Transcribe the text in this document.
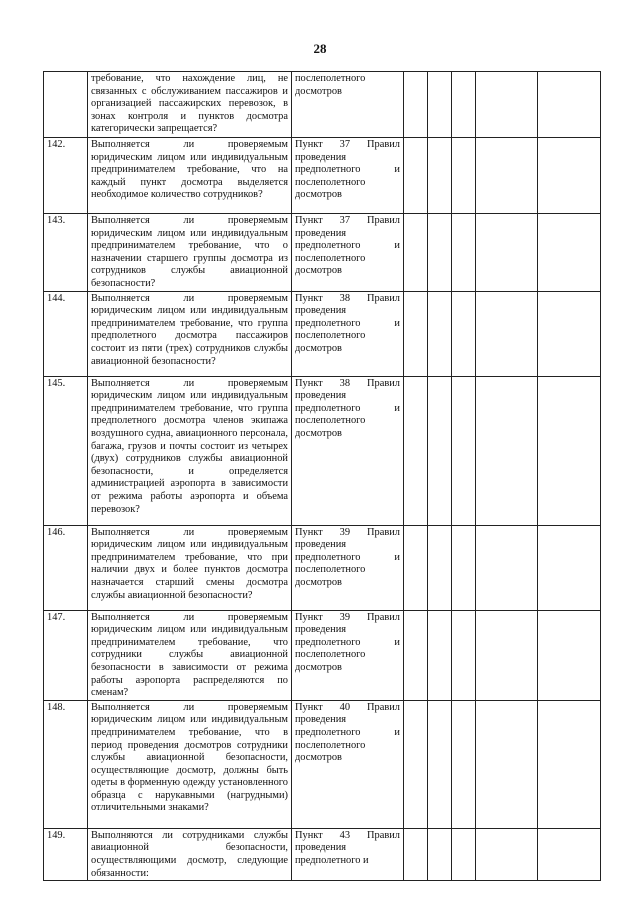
28
	требование, что нахождение лиц, не связанных с обслуживанием пассажиров и организацией пассажирских перевозок, в зонах контроля и пунктов досмотра категорически запрещается?	послеполетного досмотров					
142.	Выполняется ли проверяемым юридическим лицом или индивидуальным предпринимателем требование, что на каждый пункт досмотра выделяется необходимое количество сотрудников?	Пункт 37 Правил проведения предполетного и послеполетного досмотров					
143.	Выполняется ли проверяемым юридическим лицом или индивидуальным предпринимателем требование, что о назначении старшего группы досмотра из сотрудников службы авиационной безопасности?	Пункт 37 Правил проведения предполетного и послеполетного досмотров					
144.	Выполняется ли проверяемым юридическим лицом или индивидуальным предпринимателем требование, что группа предполетного досмотра пассажиров состоит из пяти (трех) сотрудников службы авиационной безопасности?	Пункт 38 Правил проведения предполетного и послеполетного досмотров					
145.	Выполняется ли проверяемым юридическим лицом или индивидуальным предпринимателем требование, что группа предполетного досмотра членов экипажа воздушного судна, авиационного персонала, багажа, грузов и почты состоит из четырех (двух) сотрудников службы авиационной безопасности, и определяется администрацией аэропорта в зависимости от режима работы аэропорта и объема перевозок?	Пункт 38 Правил проведения предполетного и послеполетного досмотров					
146.	Выполняется ли проверяемым юридическим лицом или индивидуальным предпринимателем требование, что при наличии двух и более пунктов досмотра назначается старший смены досмотра службы авиационной безопасности?	Пункт 39 Правил проведения предполетного и послеполетного досмотров					
147.	Выполняется ли проверяемым юридическим лицом или индивидуальным предпринимателем требование, что сотрудники службы авиационной безопасности в зависимости от режима работы аэропорта распределяются по сменам?	Пункт 39 Правил проведения предполетного и послеполетного досмотров					
148.	Выполняется ли проверяемым юридическим лицом или индивидуальным предпринимателем требование, что в период проведения досмотров сотрудники службы авиационной безопасности, осуществляющие досмотр, должны быть одеты в форменную одежду установленного образца с нарукавными (нагрудными) отличительными знаками?	Пункт 40 Правил проведения предполетного и послеполетного досмотров					
149.	Выполняются ли сотрудниками службы авиационной безопасности, осуществляющими досмотр, следующие обязанности:	Пункт 43 Правил проведения предполетного и					
